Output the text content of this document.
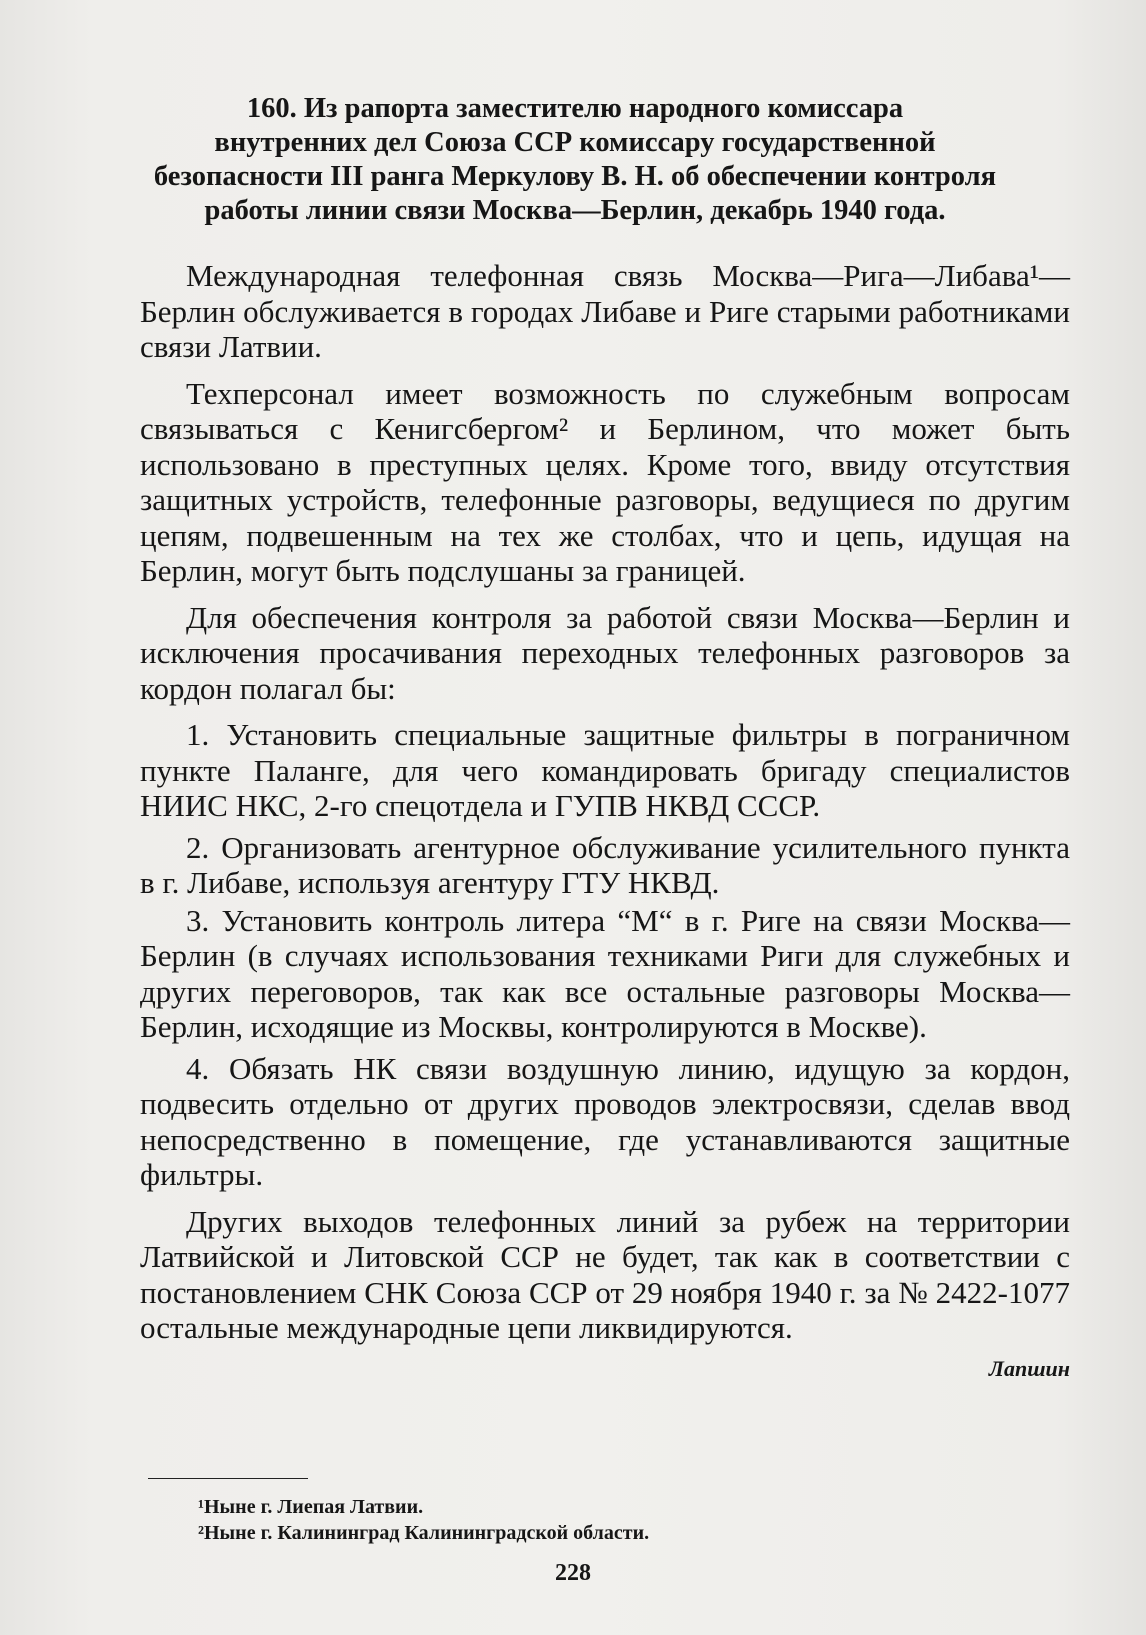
160. Из рапорта заместителю народного комиссара
внутренних дел Союза ССР комиссару государственной
безопасности III ранга Меркулову В. Н. об обеспечении контроля
работы линии связи Москва—Берлин, декабрь 1940 года.

Международная телефонная связь Москва—Рига—Либава¹—Берлин обслуживается в городах Либаве и Риге старыми работниками связи Латвии.

Техперсонал имеет возможность по служебным вопросам связываться с Кенигсбергом² и Берлином, что может быть использовано в преступных целях. Кроме того, ввиду отсутствия защитных устройств, телефонные разговоры, ведущиеся по другим цепям, подвешенным на тех же столбах, что и цепь, идущая на Берлин, могут быть подслушаны за границей.

Для обеспечения контроля за работой связи Москва—Берлин и исключения просачивания переходных телефонных разговоров за кордон полагал бы:

1. Установить специальные защитные фильтры в пограничном пункте Паланге, для чего командировать бригаду специалистов НИИС НКС, 2-го спецотдела и ГУПВ НКВД СССР.

2. Организовать агентурное обслуживание усилительного пункта в г. Либаве, используя агентуру ГТУ НКВД.

3. Установить контроль литера “М“ в г. Риге на связи Москва—Берлин (в случаях использования техниками Риги для служебных и других переговоров, так как все остальные разговоры Москва—Берлин, исходящие из Москвы, контролируются в Москве).

4. Обязать НК связи воздушную линию, идущую за кордон, подвесить отдельно от других проводов электросвязи, сделав ввод непосредственно в помещение, где устанавливаются защитные фильтры.

Других выходов телефонных линий за рубеж на территории Латвийской и Литовской ССР не будет, так как в соответствии с постановлением СНК Союза ССР от 29 ноября 1940 г. за № 2422-1077 остальные международные цепи ликвидируются.

Лапшин
¹Ныне г. Лиепая Латвии.
²Ныне г. Калининград Калининградской области.
228
